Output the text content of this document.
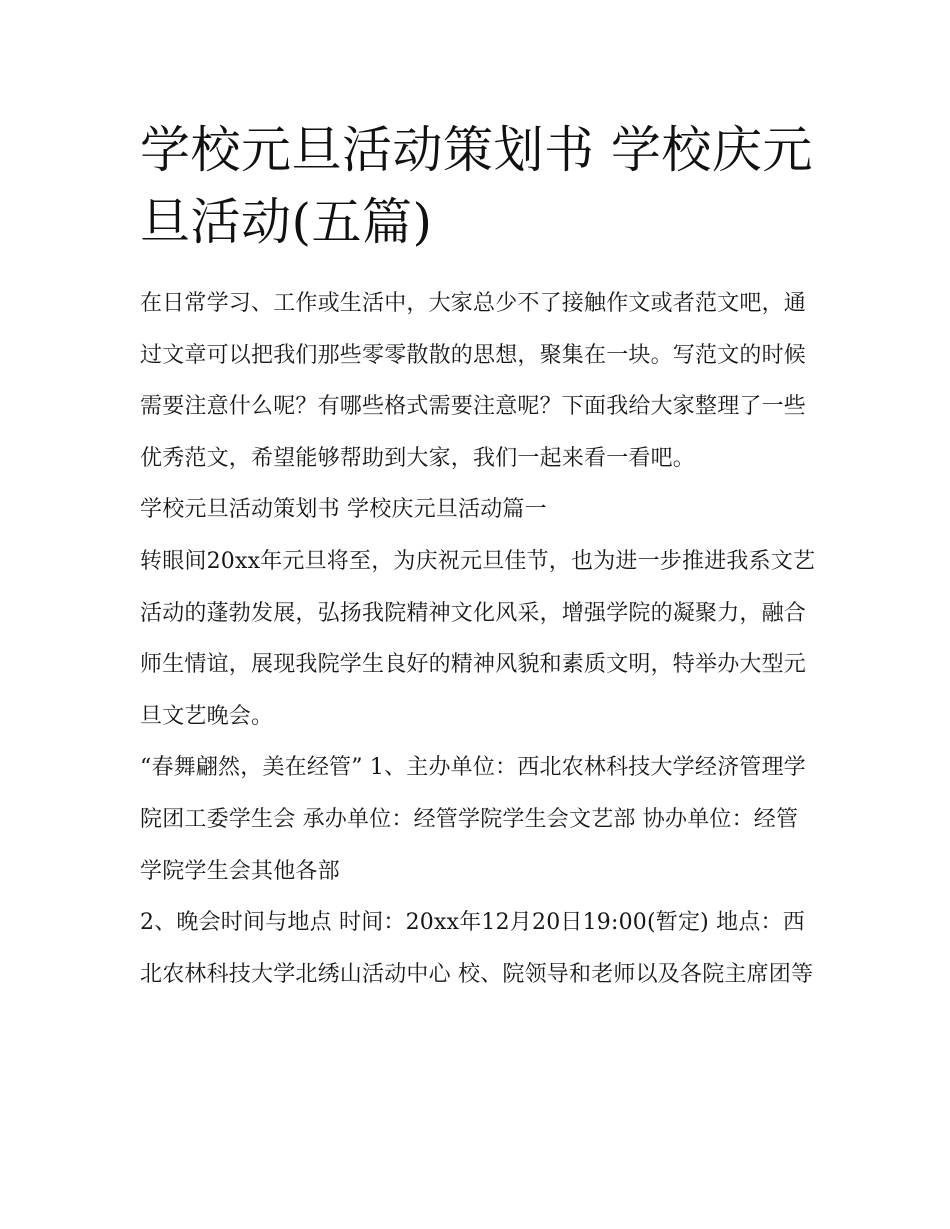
学校元旦活动策划书 学校庆元旦活动(五篇)

在日常学习、工作或生活中，大家总少不了接触作文或者范文吧，通过文章可以把我们那些零零散散的思想，聚集在一块。写范文的时候需要注意什么呢？有哪些格式需要注意呢？下面我给大家整理了一些优秀范文，希望能够帮助到大家，我们一起来看一看吧。

学校元旦活动策划书 学校庆元旦活动篇一

转眼间20xx年元旦将至，为庆祝元旦佳节，也为进一步推进我系文艺活动的蓬勃发展，弘扬我院精神文化风采，增强学院的凝聚力，融合师生情谊，展现我院学生良好的精神风貌和素质文明，特举办大型元旦文艺晚会。

“春舞翩然，美在经管” 1、主办单位：西北农林科技大学经济管理学院团工委学生会 承办单位：经管学院学生会文艺部 协办单位：经管学院学生会其他各部

2、晚会时间与地点 时间：20xx年12月20日19:00(暂定) 地点：西北农林科技大学北绣山活动中心 校、院领导和老师以及各院主席团等
